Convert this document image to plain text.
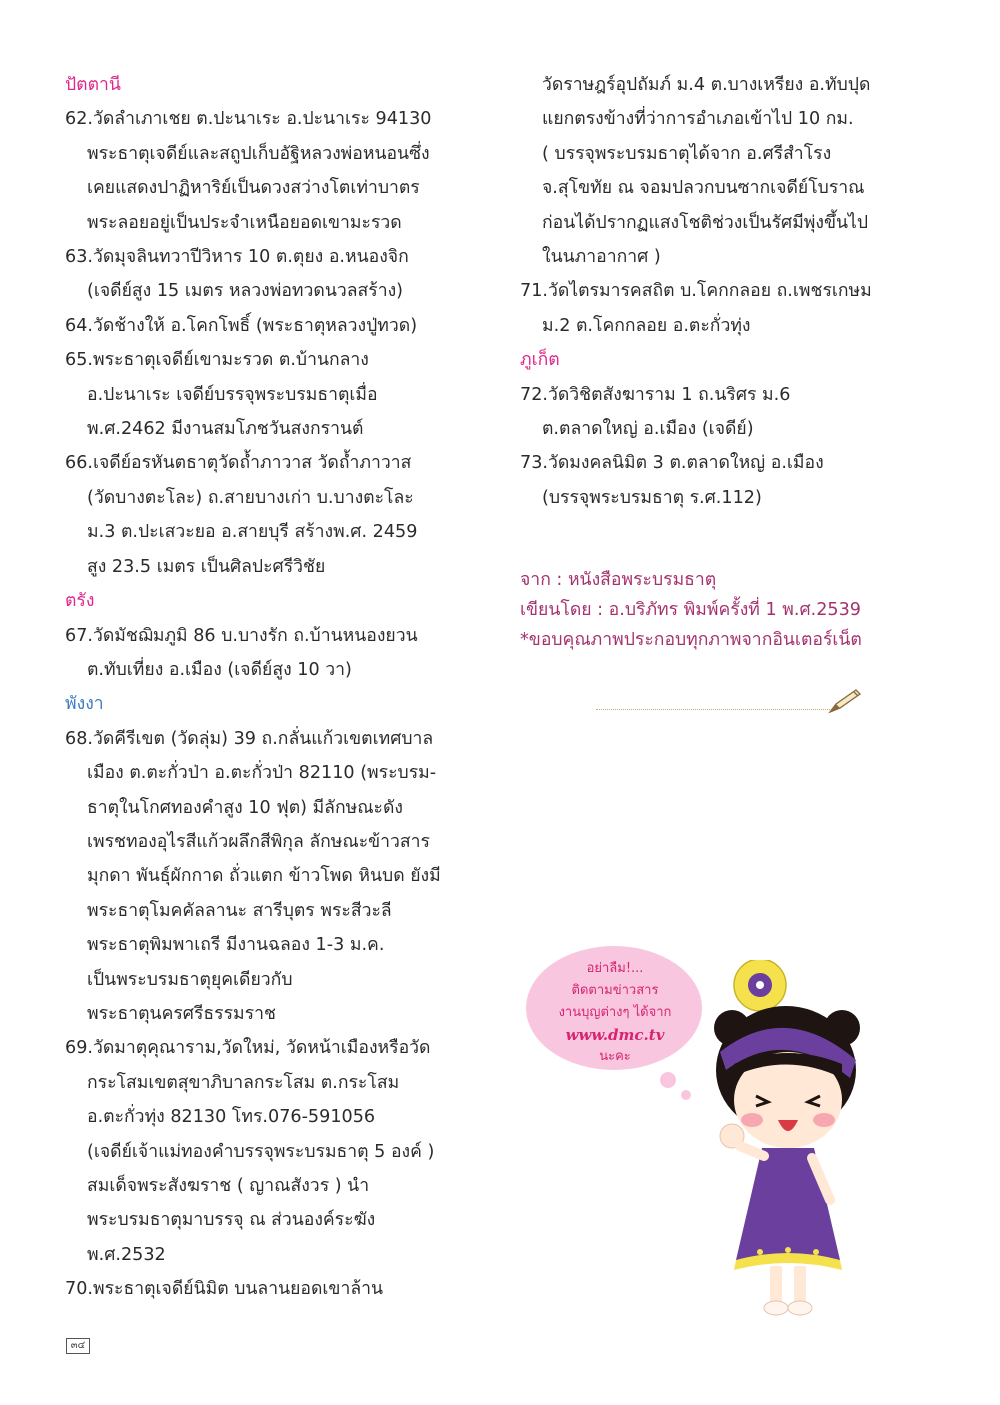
ปัตตานี
62.วัดลำเภาเชย ต.ปะนาเระ อ.ปะนาเระ 94130
พระธาตุเจดีย์และสถูปเก็บอัฐิหลวงพ่อหนอนซึ่ง
เคยแสดงปาฏิหาริย์เป็นดวงสว่างโตเท่าบาตร
พระลอยอยู่เป็นประจำเหนือยอดเขามะรวด
63.วัดมุจลินทวาปีวิหาร 10 ต.ตุยง อ.หนองจิก
(เจดีย์สูง 15 เมตร หลวงพ่อทวดนวลสร้าง)
64.วัดช้างให้ อ.โคกโพธิ์ (พระธาตุหลวงปู่ทวด)
65.พระธาตุเจดีย์เขามะรวด ต.บ้านกลาง
อ.ปะนาเระ เจดีย์บรรจุพระบรมธาตุเมื่อ
พ.ศ.2462 มีงานสมโภชวันสงกรานต์
66.เจดีย์อรหันตธาตุวัดถ้ำภาวาส วัดถ้ำภาวาส
(วัดบางตะโละ) ถ.สายบางเก่า บ.บางตะโละ
ม.3 ต.ปะเสวะยอ อ.สายบุรี สร้างพ.ศ. 2459
สูง 23.5 เมตร เป็นศิลปะศรีวิชัย
ตรัง
67.วัดมัชฌิมภูมิ 86 บ.บางรัก ถ.บ้านหนองยวน
ต.ทับเที่ยง อ.เมือง (เจดีย์สูง 10 วา)
พังงา
68.วัดคีรีเขต (วัดลุ่ม) 39 ถ.กลั่นแก้วเขตเทศบาล
เมือง ต.ตะกั่วป่า อ.ตะกั่วป่า 82110 (พระบรม-
ธาตุในโกศทองคำสูง 10 ฟุต) มีลักษณะดัง
เพรชทองอุไรสีแก้วผลึกสีพิกุล ลักษณะข้าวสาร
มุกดา พันธุ์ผักกาด ถั่วแตก ข้าวโพด หินบด ยังมี
พระธาตุโมคคัลลานะ สารีบุตร พระสีวะลี
พระธาตุพิมพาเถรี มีงานฉลอง 1-3 ม.ค.
เป็นพระบรมธาตุยุคเดียวกับ
พระธาตุนครศรีธรรมราช
69.วัดมาตุคุณาราม,วัดใหม่, วัดหน้าเมืองหรือวัด
กระโสมเขตสุขาภิบาลกระโสม ต.กระโสม
อ.ตะกั่วทุ่ง 82130 โทร.076-591056
(เจดีย์เจ้าแม่ทองคำบรรจุพระบรมธาตุ 5 องค์ )
สมเด็จพระสังฆราช ( ญาณสังวร ) นำ
พระบรมธาตุมาบรรจุ ณ ส่วนองค์ระฆัง
พ.ศ.2532
70.พระธาตุเจดีย์นิมิต บนลานยอดเขาล้าน
วัดราษฎร์อุปถัมภ์ ม.4 ต.บางเหรียง อ.ทับปุด
แยกตรงข้างที่ว่าการอำเภอเข้าไป 10 กม.
( บรรจุพระบรมธาตุได้จาก อ.ศรีสำโรง
จ.สุโขทัย ณ จอมปลวกบนซากเจดีย์โบราณ
ก่อนได้ปรากฏแสงโชติช่วงเป็นรัศมีพุ่งขึ้นไป
ในนภาอากาศ )
71.วัดไตรมารคสถิต บ.โคกกลอย ถ.เพชรเกษม
ม.2 ต.โคกกลอย อ.ตะกั่วทุ่ง
ภูเก็ต
72.วัดวิชิตสังฆาราม 1 ถ.นริศร ม.6
ต.ตลาดใหญ่ อ.เมือง (เจดีย์)
73.วัดมงคลนิมิต 3 ต.ตลาดใหญ่ อ.เมือง
(บรรจุพระบรมธาตุ ร.ศ.112)
จาก : หนังสือพระบรมธาตุ
เขียนโดย : อ.บริภัทร พิมพ์ครั้งที่ 1 พ.ศ.2539
*ขอบคุณภาพประกอบทุกภาพจากอินเตอร์เน็ต
อย่าลืม!...
ติดตามข่าวสาร
งานบุญต่างๆ ได้จาก
www.dmc.tv
นะคะ
๓๔
